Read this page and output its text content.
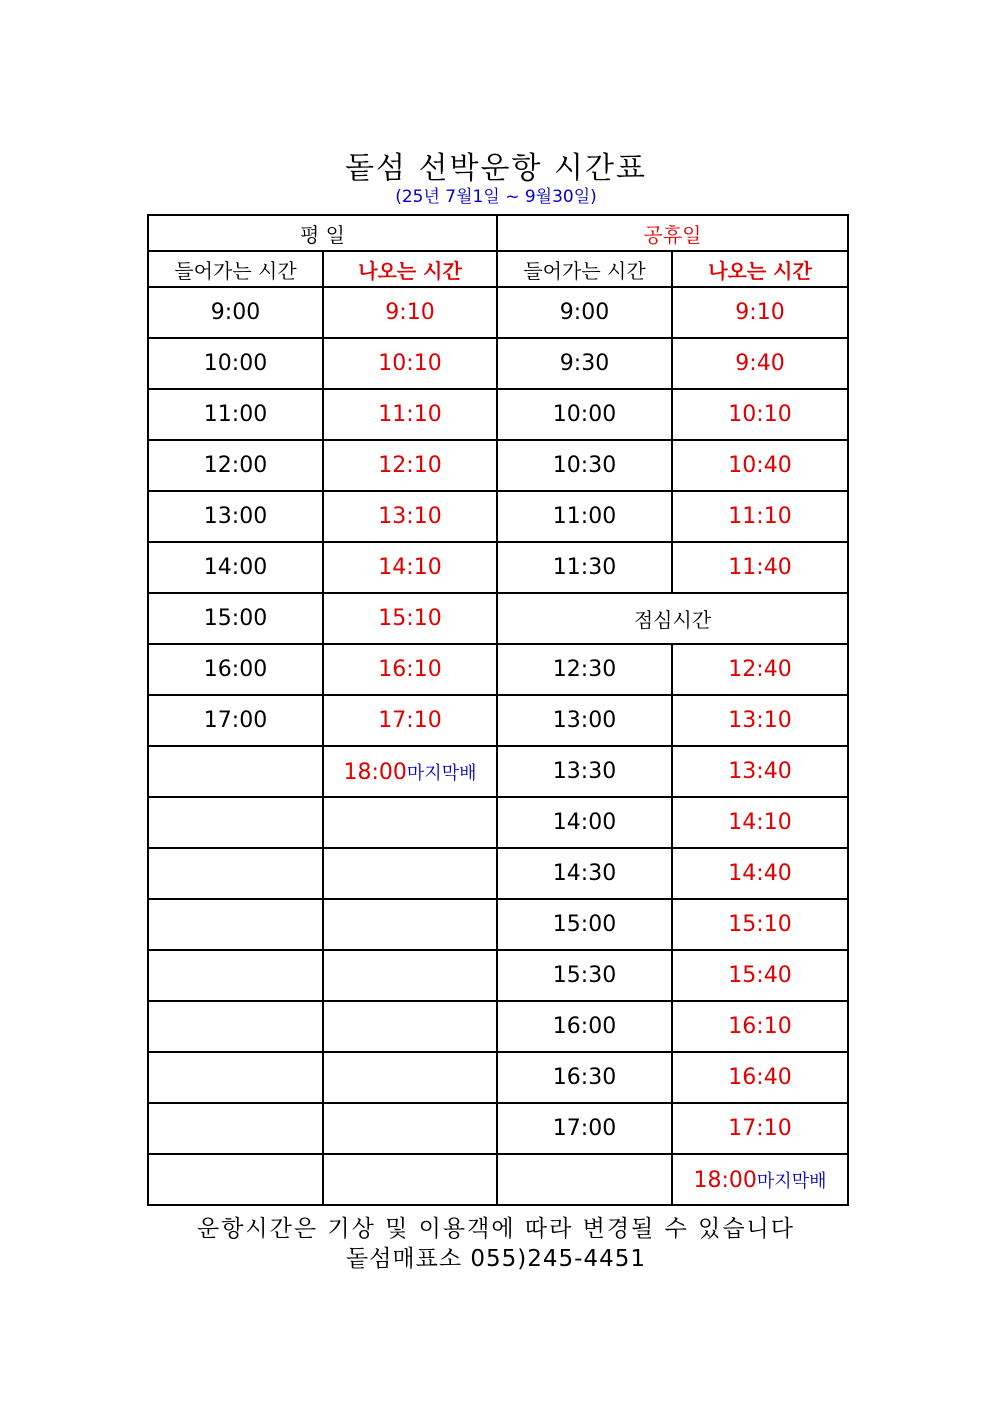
돝섬 선박운항 시간표
(25년 7월1일 ~ 9월30일)
평 일		공휴일	
들어가는 시간	나오는 시간	들어가는 시간	나오는 시간
9:00	9:10	9:00	9:10
10:00	10:10	9:30	9:40
11:00	11:10	10:00	10:10
12:00	12:10	10:30	10:40
13:00	13:10	11:00	11:10
14:00	14:10	11:30	11:40
15:00	15:10	점심시간	
16:00	16:10	12:30	12:40
17:00	17:10	13:00	13:10
	18:00마지막배	13:30	13:40
		14:00	14:10
		14:30	14:40
		15:00	15:10
		15:30	15:40
		16:00	16:10
		16:30	16:40
		17:00	17:10
			18:00마지막배
운항시간은 기상 및 이용객에 따라 변경될 수 있습니다
돝섬매표소 055)245-4451
